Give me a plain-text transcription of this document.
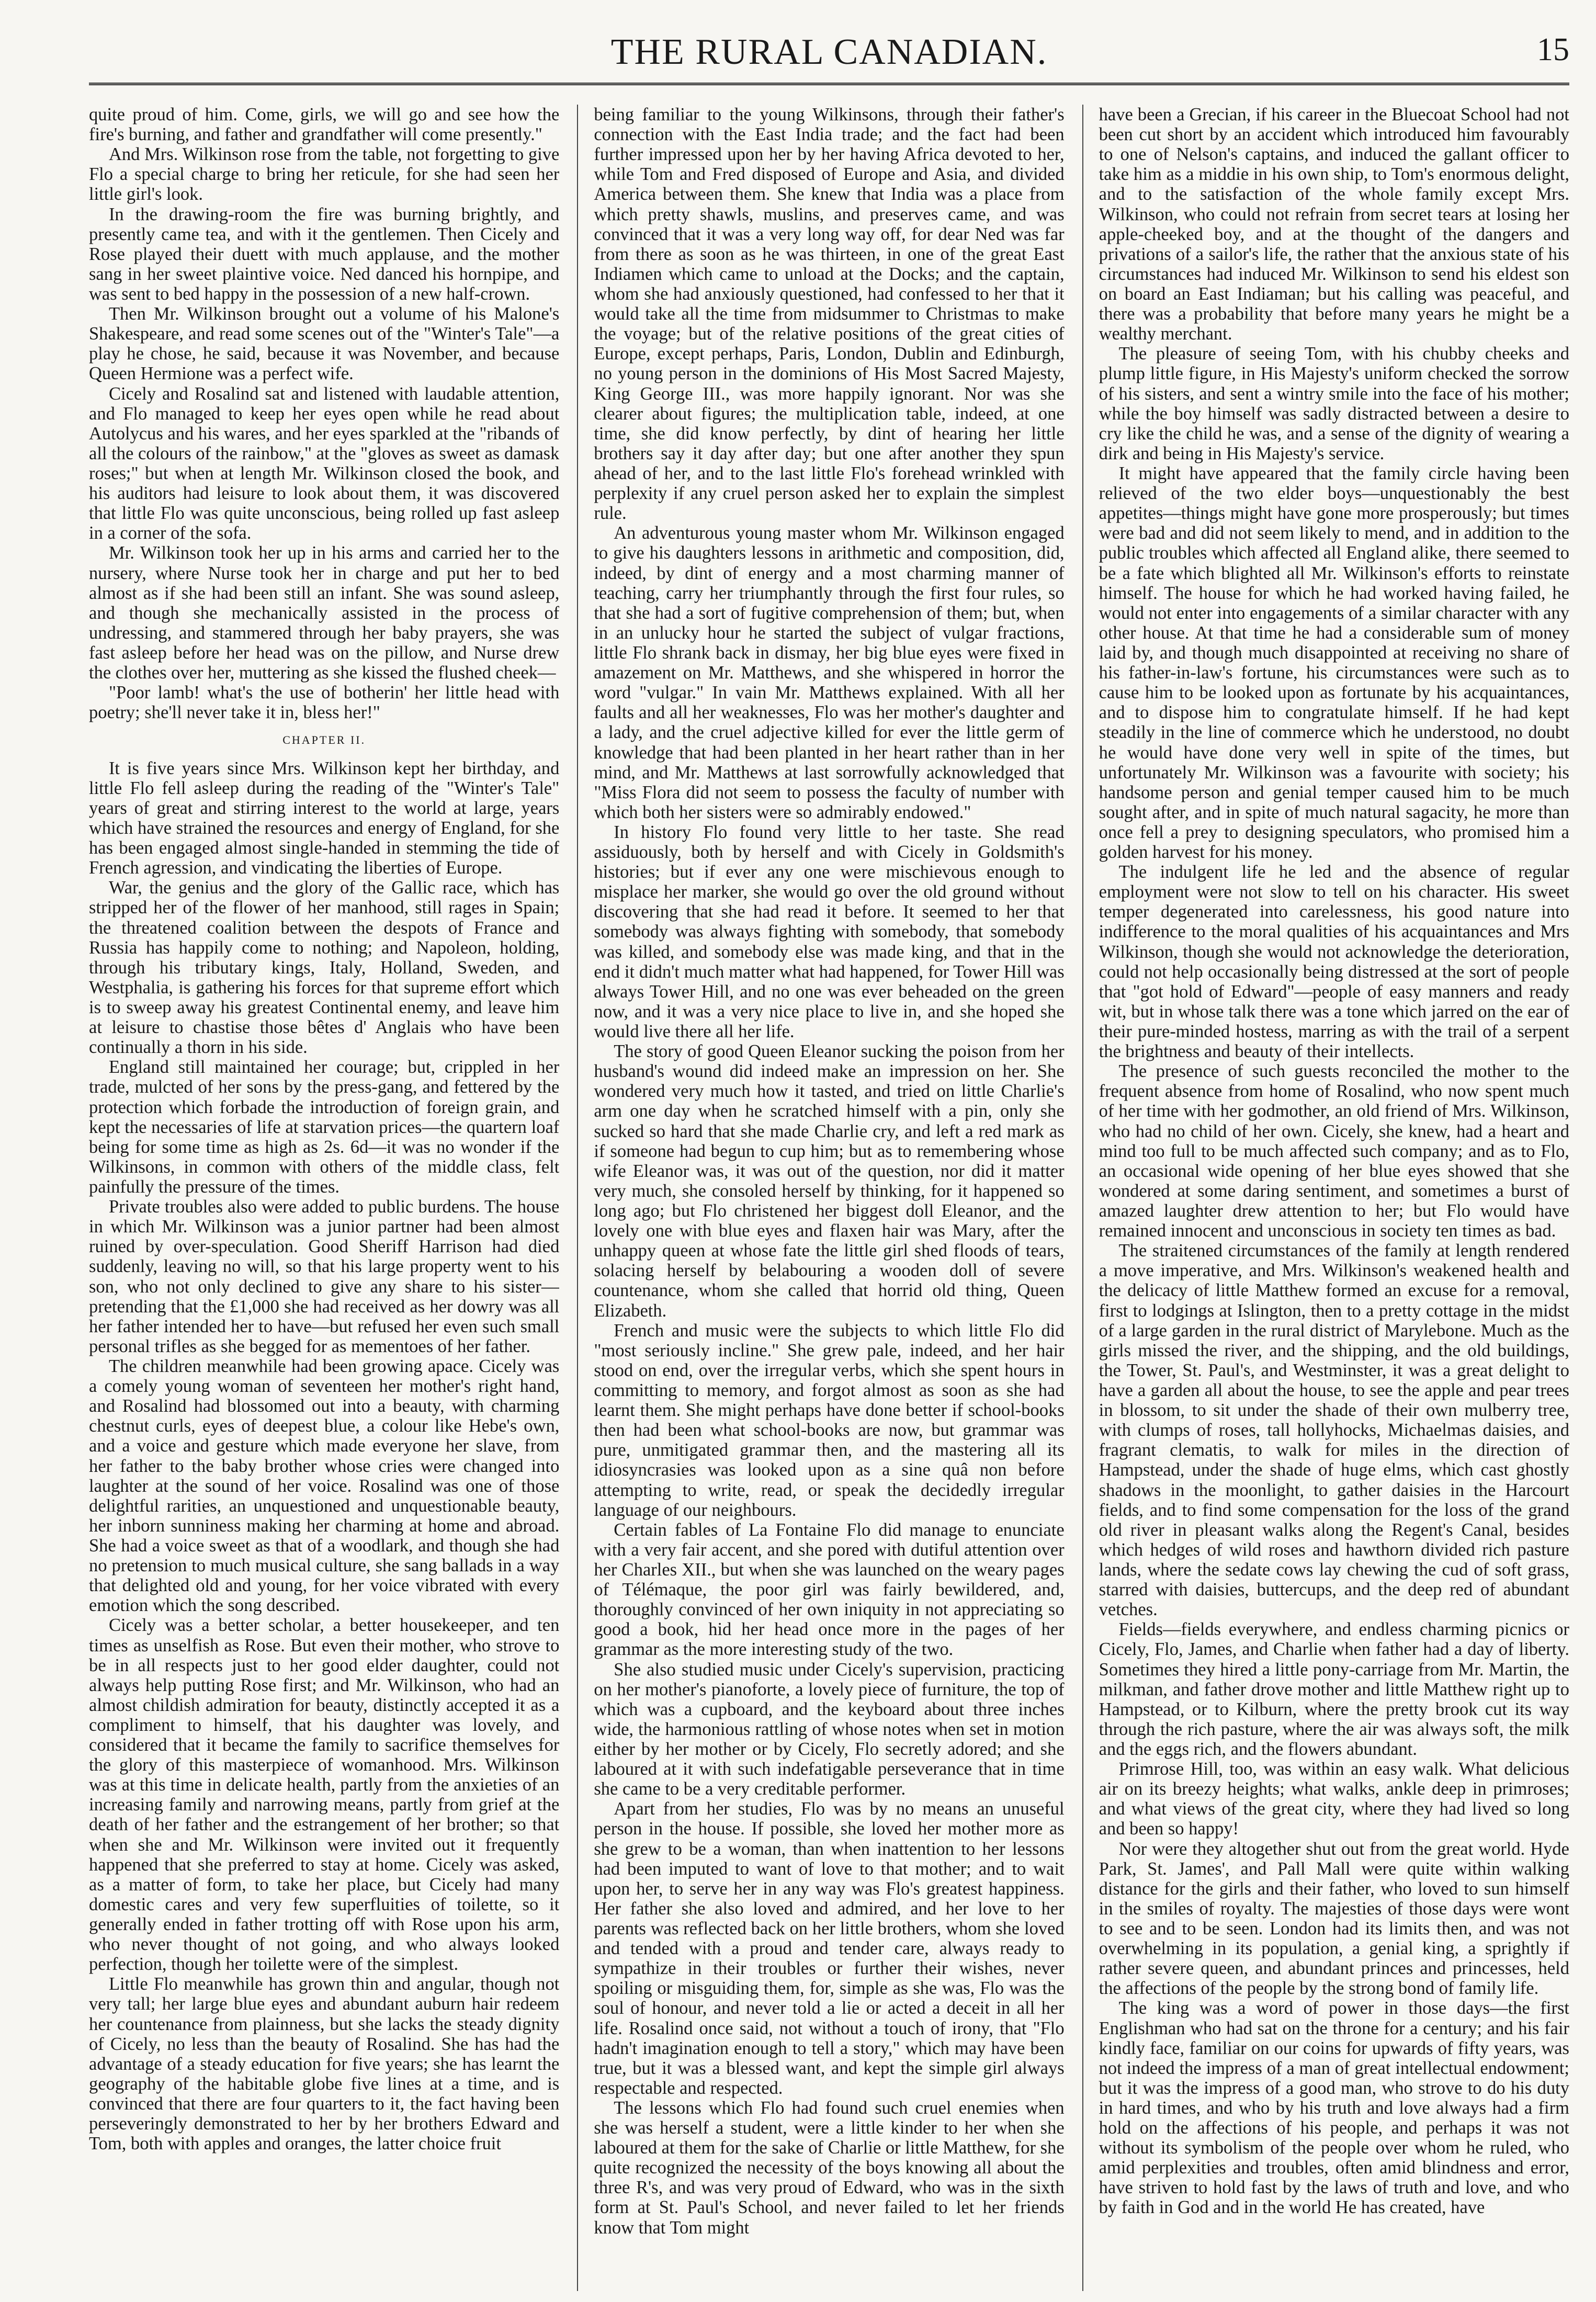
THE RURAL CANADIAN.	15

quite proud of him. Come, girls, we will go and see how the fire's burning, and father and grandfather will come presently."

And Mrs. Wilkinson rose from the table, not forgetting to give Flo a special charge to bring her reticule, for she had seen her little girl's look.

In the drawing-room the fire was burning brightly, and presently came tea, and with it the gentlemen. Then Cicely and Rose played their duett with much applause, and the mother sang in her sweet plaintive voice. Ned danced his hornpipe, and was sent to bed happy in the possession of a new half-crown.

Then Mr. Wilkinson brought out a volume of his Malone's Shakespeare, and read some scenes out of the "Winter's Tale"—a play he chose, he said, because it was November, and because Queen Hermione was a perfect wife.

Cicely and Rosalind sat and listened with laudable attention, and Flo managed to keep her eyes open while he read about Autolycus and his wares, and her eyes sparkled at the "ribands of all the colours of the rainbow," at the "gloves as sweet as damask roses;" but when at length Mr. Wilkinson closed the book, and his auditors had leisure to look about them, it was discovered that little Flo was quite unconscious, being rolled up fast asleep in a corner of the sofa.

Mr. Wilkinson took her up in his arms and carried her to the nursery, where Nurse took her in charge and put her to bed almost as if she had been still an infant. She was sound asleep, and though she mechanically assisted in the process of undressing, and stammered through her baby prayers, she was fast asleep before her head was on the pillow, and Nurse drew the clothes over her, muttering as she kissed the flushed cheek—

"Poor lamb! what's the use of botherin' her little head with poetry; she'll never take it in, bless her!"

CHAPTER II.

It is five years since Mrs. Wilkinson kept her birthday, and little Flo fell asleep during the reading of the "Winter's Tale" years of great and stirring interest to the world at large, years which have strained the resources and energy of England, for she has been engaged almost single-handed in stemming the tide of French agression, and vindicating the liberties of Europe.

War, the genius and the glory of the Gallic race, which has stripped her of the flower of her manhood, still rages in Spain; the threatened coalition between the despots of France and Russia has happily come to nothing; and Napoleon, holding, through his tributary kings, Italy, Holland, Sweden, and Westphalia, is gathering his forces for that supreme effort which is to sweep away his greatest Continental enemy, and leave him at leisure to chastise those bêtes d' Anglais who have been continually a thorn in his side.

England still maintained her courage; but, crippled in her trade, mulcted of her sons by the press-gang, and fettered by the protection which forbade the introduction of foreign grain, and kept the necessaries of life at starvation prices—the quartern loaf being for some time as high as 2s. 6d—it was no wonder if the Wilkinsons, in common with others of the middle class, felt painfully the pressure of the times.

Private troubles also were added to public burdens. The house in which Mr. Wilkinson was a junior partner had been almost ruined by over-speculation. Good Sheriff Harrison had died suddenly, leaving no will, so that his large property went to his son, who not only declined to give any share to his sister—pretending that the £1,000 she had received as her dowry was all her father intended her to have—but refused her even such small personal trifles as she begged for as mementoes of her father.

The children meanwhile had been growing apace. Cicely was a comely young woman of seventeen her mother's right hand, and Rosalind had blossomed out into a beauty, with charming chestnut curls, eyes of deepest blue, a colour like Hebe's own, and a voice and gesture which made everyone her slave, from her father to the baby brother whose cries were changed into laughter at the sound of her voice. Rosalind was one of those delightful rarities, an unquestioned and unquestionable beauty, her inborn sunniness making her charming at home and abroad. She had a voice sweet as that of a woodlark, and though she had no pretension to much musical culture, she sang ballads in a way that delighted old and young, for her voice vibrated with every emotion which the song described.

Cicely was a better scholar, a better housekeeper, and ten times as unselfish as Rose. But even their mother, who strove to be in all respects just to her good elder daughter, could not always help putting Rose first; and Mr. Wilkinson, who had an almost childish admiration for beauty, distinctly accepted it as a compliment to himself, that his daughter was lovely, and considered that it became the family to sacrifice themselves for the glory of this masterpiece of womanhood. Mrs. Wilkinson was at this time in delicate health, partly from the anxieties of an increasing family and narrowing means, partly from grief at the death of her father and the estrangement of her brother; so that when she and Mr. Wilkinson were invited out it frequently happened that she preferred to stay at home. Cicely was asked, as a matter of form, to take her place, but Cicely had many domestic cares and very few superfluities of toilette, so it generally ended in father trotting off with Rose upon his arm, who never thought of not going, and who always looked perfection, though her toilette were of the simplest.

Little Flo meanwhile has grown thin and angular, though not very tall; her large blue eyes and abundant auburn hair redeem her countenance from plainness, but she lacks the steady dignity of Cicely, no less than the beauty of Rosalind. She has had the advantage of a steady education for five years; she has learnt the geography of the habitable globe five lines at a time, and is convinced that there are four quarters to it, the fact having been perseveringly demonstrated to her by her brothers Edward and Tom, both with apples and oranges, the latter choice fruit

being familiar to the young Wilkinsons, through their father's connection with the East India trade; and the fact had been further impressed upon her by her having Africa devoted to her, while Tom and Fred disposed of Europe and Asia, and divided America between them. She knew that India was a place from which pretty shawls, muslins, and preserves came, and was convinced that it was a very long way off, for dear Ned was far from there as soon as he was thirteen, in one of the great East Indiamen which came to unload at the Docks; and the captain, whom she had anxiously questioned, had confessed to her that it would take all the time from midsummer to Christmas to make the voyage; but of the relative positions of the great cities of Europe, except perhaps, Paris, London, Dublin and Edinburgh, no young person in the dominions of His Most Sacred Majesty, King George III., was more happily ignorant. Nor was she clearer about figures; the multiplication table, indeed, at one time, she did know perfectly, by dint of hearing her little brothers say it day after day; but one after another they spun ahead of her, and to the last little Flo's forehead wrinkled with perplexity if any cruel person asked her to explain the simplest rule.

An adventurous young master whom Mr. Wilkinson engaged to give his daughters lessons in arithmetic and composition, did, indeed, by dint of energy and a most charming manner of teaching, carry her triumphantly through the first four rules, so that she had a sort of fugitive comprehension of them; but, when in an unlucky hour he started the subject of vulgar fractions, little Flo shrank back in dismay, her big blue eyes were fixed in amazement on Mr. Matthews, and she whispered in horror the word "vulgar." In vain Mr. Matthews explained. With all her faults and all her weaknesses, Flo was her mother's daughter and a lady, and the cruel adjective killed for ever the little germ of knowledge that had been planted in her heart rather than in her mind, and Mr. Matthews at last sorrowfully acknowledged that "Miss Flora did not seem to possess the faculty of number with which both her sisters were so admirably endowed."

In history Flo found very little to her taste. She read assiduously, both by herself and with Cicely in Goldsmith's histories; but if ever any one were mischievous enough to misplace her marker, she would go over the old ground without discovering that she had read it before. It seemed to her that somebody was always fighting with somebody, that somebody was killed, and somebody else was made king, and that in the end it didn't much matter what had happened, for Tower Hill was always Tower Hill, and no one was ever beheaded on the green now, and it was a very nice place to live in, and she hoped she would live there all her life.

The story of good Queen Eleanor sucking the poison from her husband's wound did indeed make an impression on her. She wondered very much how it tasted, and tried on little Charlie's arm one day when he scratched himself with a pin, only she sucked so hard that she made Charlie cry, and left a red mark as if someone had begun to cup him; but as to remembering whose wife Eleanor was, it was out of the question, nor did it matter very much, she consoled herself by thinking, for it happened so long ago; but Flo christened her biggest doll Eleanor, and the lovely one with blue eyes and flaxen hair was Mary, after the unhappy queen at whose fate the little girl shed floods of tears, solacing herself by belabouring a wooden doll of severe countenance, whom she called that horrid old thing, Queen Elizabeth.

French and music were the subjects to which little Flo did "most seriously incline." She grew pale, indeed, and her hair stood on end, over the irregular verbs, which she spent hours in committing to memory, and forgot almost as soon as she had learnt them. She might perhaps have done better if school-books then had been what school-books are now, but grammar was pure, unmitigated grammar then, and the mastering all its idiosyncrasies was looked upon as a sine quâ non before attempting to write, read, or speak the decidedly irregular language of our neighbours.

Certain fables of La Fontaine Flo did manage to enunciate with a very fair accent, and she pored with dutiful attention over her Charles XII., but when she was launched on the weary pages of Télémaque, the poor girl was fairly bewildered, and, thoroughly convinced of her own iniquity in not appreciating so good a book, hid her head once more in the pages of her grammar as the more interesting study of the two.

She also studied music under Cicely's supervision, practicing on her mother's pianoforte, a lovely piece of furniture, the top of which was a cupboard, and the keyboard about three inches wide, the harmonious rattling of whose notes when set in motion either by her mother or by Cicely, Flo secretly adored; and she laboured at it with such indefatigable perseverance that in time she came to be a very creditable performer.

Apart from her studies, Flo was by no means an unuseful person in the house. If possible, she loved her mother more as she grew to be a woman, than when inattention to her lessons had been imputed to want of love to that mother; and to wait upon her, to serve her in any way was Flo's greatest happiness. Her father she also loved and admired, and her love to her parents was reflected back on her little brothers, whom she loved and tended with a proud and tender care, always ready to sympathize in their troubles or further their wishes, never spoiling or misguiding them, for, simple as she was, Flo was the soul of honour, and never told a lie or acted a deceit in all her life. Rosalind once said, not without a touch of irony, that "Flo hadn't imagination enough to tell a story," which may have been true, but it was a blessed want, and kept the simple girl always respectable and respected.

The lessons which Flo had found such cruel enemies when she was herself a student, were a little kinder to her when she laboured at them for the sake of Charlie or little Matthew, for she quite recognized the necessity of the boys knowing all about the three R's, and was very proud of Edward, who was in the sixth form at St. Paul's School, and never failed to let her friends know that Tom might

have been a Grecian, if his career in the Bluecoat School had not been cut short by an accident which introduced him favourably to one of Nelson's captains, and induced the gallant officer to take him as a middie in his own ship, to Tom's enormous delight, and to the satisfaction of the whole family except Mrs. Wilkinson, who could not refrain from secret tears at losing her apple-cheeked boy, and at the thought of the dangers and privations of a sailor's life, the rather that the anxious state of his circumstances had induced Mr. Wilkinson to send his eldest son on board an East Indiaman; but his calling was peaceful, and there was a probability that before many years he might be a wealthy merchant.

The pleasure of seeing Tom, with his chubby cheeks and plump little figure, in His Majesty's uniform checked the sorrow of his sisters, and sent a wintry smile into the face of his mother; while the boy himself was sadly distracted between a desire to cry like the child he was, and a sense of the dignity of wearing a dirk and being in His Majesty's service.

It might have appeared that the family circle having been relieved of the two elder boys—unquestionably the best appetites—things might have gone more prosperously; but times were bad and did not seem likely to mend, and in addition to the public troubles which affected all England alike, there seemed to be a fate which blighted all Mr. Wilkinson's efforts to reinstate himself. The house for which he had worked having failed, he would not enter into engagements of a similar character with any other house. At that time he had a considerable sum of money laid by, and though much disappointed at receiving no share of his father-in-law's fortune, his circumstances were such as to cause him to be looked upon as fortunate by his acquaintances, and to dispose him to congratulate himself. If he had kept steadily in the line of commerce which he understood, no doubt he would have done very well in spite of the times, but unfortunately Mr. Wilkinson was a favourite with society; his handsome person and genial temper caused him to be much sought after, and in spite of much natural sagacity, he more than once fell a prey to designing speculators, who promised him a golden harvest for his money.

The indulgent life he led and the absence of regular employment were not slow to tell on his character. His sweet temper degenerated into carelessness, his good nature into indifference to the moral qualities of his acquaintances and Mrs Wilkinson, though she would not acknowledge the deterioration, could not help occasionally being distressed at the sort of people that "got hold of Edward"—people of easy manners and ready wit, but in whose talk there was a tone which jarred on the ear of their pure-minded hostess, marring as with the trail of a serpent the brightness and beauty of their intellects.

The presence of such guests reconciled the mother to the frequent absence from home of Rosalind, who now spent much of her time with her godmother, an old friend of Mrs. Wilkinson, who had no child of her own. Cicely, she knew, had a heart and mind too full to be much affected such company; and as to Flo, an occasional wide opening of her blue eyes showed that she wondered at some daring sentiment, and sometimes a burst of amazed laughter drew attention to her; but Flo would have remained innocent and unconscious in society ten times as bad.

The straitened circumstances of the family at length rendered a move imperative, and Mrs. Wilkinson's weakened health and the delicacy of little Matthew formed an excuse for a removal, first to lodgings at Islington, then to a pretty cottage in the midst of a large garden in the rural district of Marylebone. Much as the girls missed the river, and the shipping, and the old buildings, the Tower, St. Paul's, and Westminster, it was a great delight to have a garden all about the house, to see the apple and pear trees in blossom, to sit under the shade of their own mulberry tree, with clumps of roses, tall hollyhocks, Michaelmas daisies, and fragrant clematis, to walk for miles in the direction of Hampstead, under the shade of huge elms, which cast ghostly shadows in the moonlight, to gather daisies in the Harcourt fields, and to find some compensation for the loss of the grand old river in pleasant walks along the Regent's Canal, besides which hedges of wild roses and hawthorn divided rich pasture lands, where the sedate cows lay chewing the cud of soft grass, starred with daisies, buttercups, and the deep red of abundant vetches.

Fields—fields everywhere, and endless charming picnics or Cicely, Flo, James, and Charlie when father had a day of liberty. Sometimes they hired a little pony-carriage from Mr. Martin, the milkman, and father drove mother and little Matthew right up to Hampstead, or to Kilburn, where the pretty brook cut its way through the rich pasture, where the air was always soft, the milk and the eggs rich, and the flowers abundant.

Primrose Hill, too, was within an easy walk. What delicious air on its breezy heights; what walks, ankle deep in primroses; and what views of the great city, where they had lived so long and been so happy!

Nor were they altogether shut out from the great world. Hyde Park, St. James', and Pall Mall were quite within walking distance for the girls and their father, who loved to sun himself in the smiles of royalty. The majesties of those days were wont to see and to be seen. London had its limits then, and was not overwhelming in its population, a genial king, a sprightly if rather severe queen, and abundant princes and princesses, held the affections of the people by the strong bond of family life.

The king was a word of power in those days—the first Englishman who had sat on the throne for a century; and his fair kindly face, familiar on our coins for upwards of fifty years, was not indeed the impress of a man of great intellectual endowment; but it was the impress of a good man, who strove to do his duty in hard times, and who by his truth and love always had a firm hold on the affections of his people, and perhaps it was not without its symbolism of the people over whom he ruled, who amid perplexities and troubles, often amid blindness and error, have striven to hold fast by the laws of truth and love, and who by faith in God and in the world He has created, have
